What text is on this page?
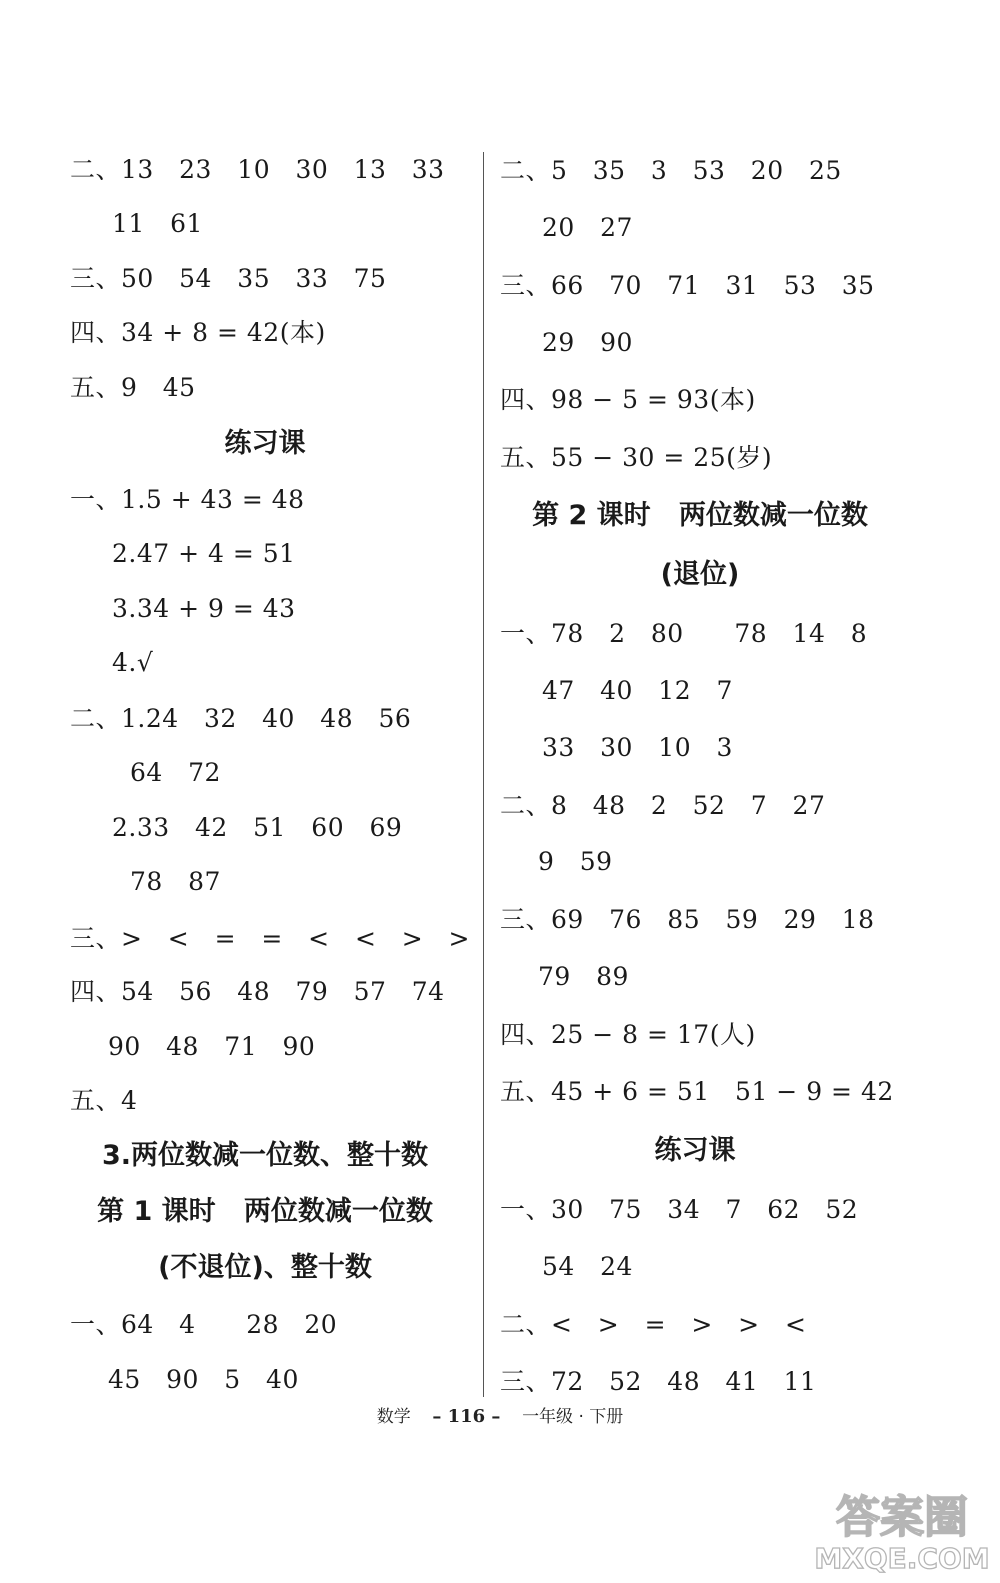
二、13   23   10   30   13   33
11   61
三、50   54   35   33   75
四、34 + 8 = 42(本)
五、9   45
练习课
一、1.5 + 43 = 48
2.47 + 4 = 51
3.34 + 9 = 43
4.√
二、1.24   32   40   48   56
64   72
2.33   42   51   60   69
78   87
三、>   <   =   =   <   <   >   >
四、54   56   48   79   57   74
90   48   71   90
五、4
3.两位数减一位数、整十数
第 1 课时   两位数减一位数
(不退位)、整十数
一、64   4      28   20
45   90   5   40
二、5   35   3   53   20   25
20   27
三、66   70   71   31   53   35
29   90
四、98 − 5 = 93(本)
五、55 − 30 = 25(岁)
第 2 课时   两位数减一位数
(退位)
一、78   2   80      78   14   8
47   40   12   7
33   30   10   3
二、8   48   2   52   7   27
9   59
三、69   76   85   59   29   18
79   89
四、25 − 8 = 17(人)
五、45 + 6 = 51   51 − 9 = 42
练习课
一、30   75   34   7   62   52
54   24
二、<   >   =   >   >   <
三、72   52   48   41   11
数学 – 116 – 一年级 · 下册
答案圈
MXQE.COM
